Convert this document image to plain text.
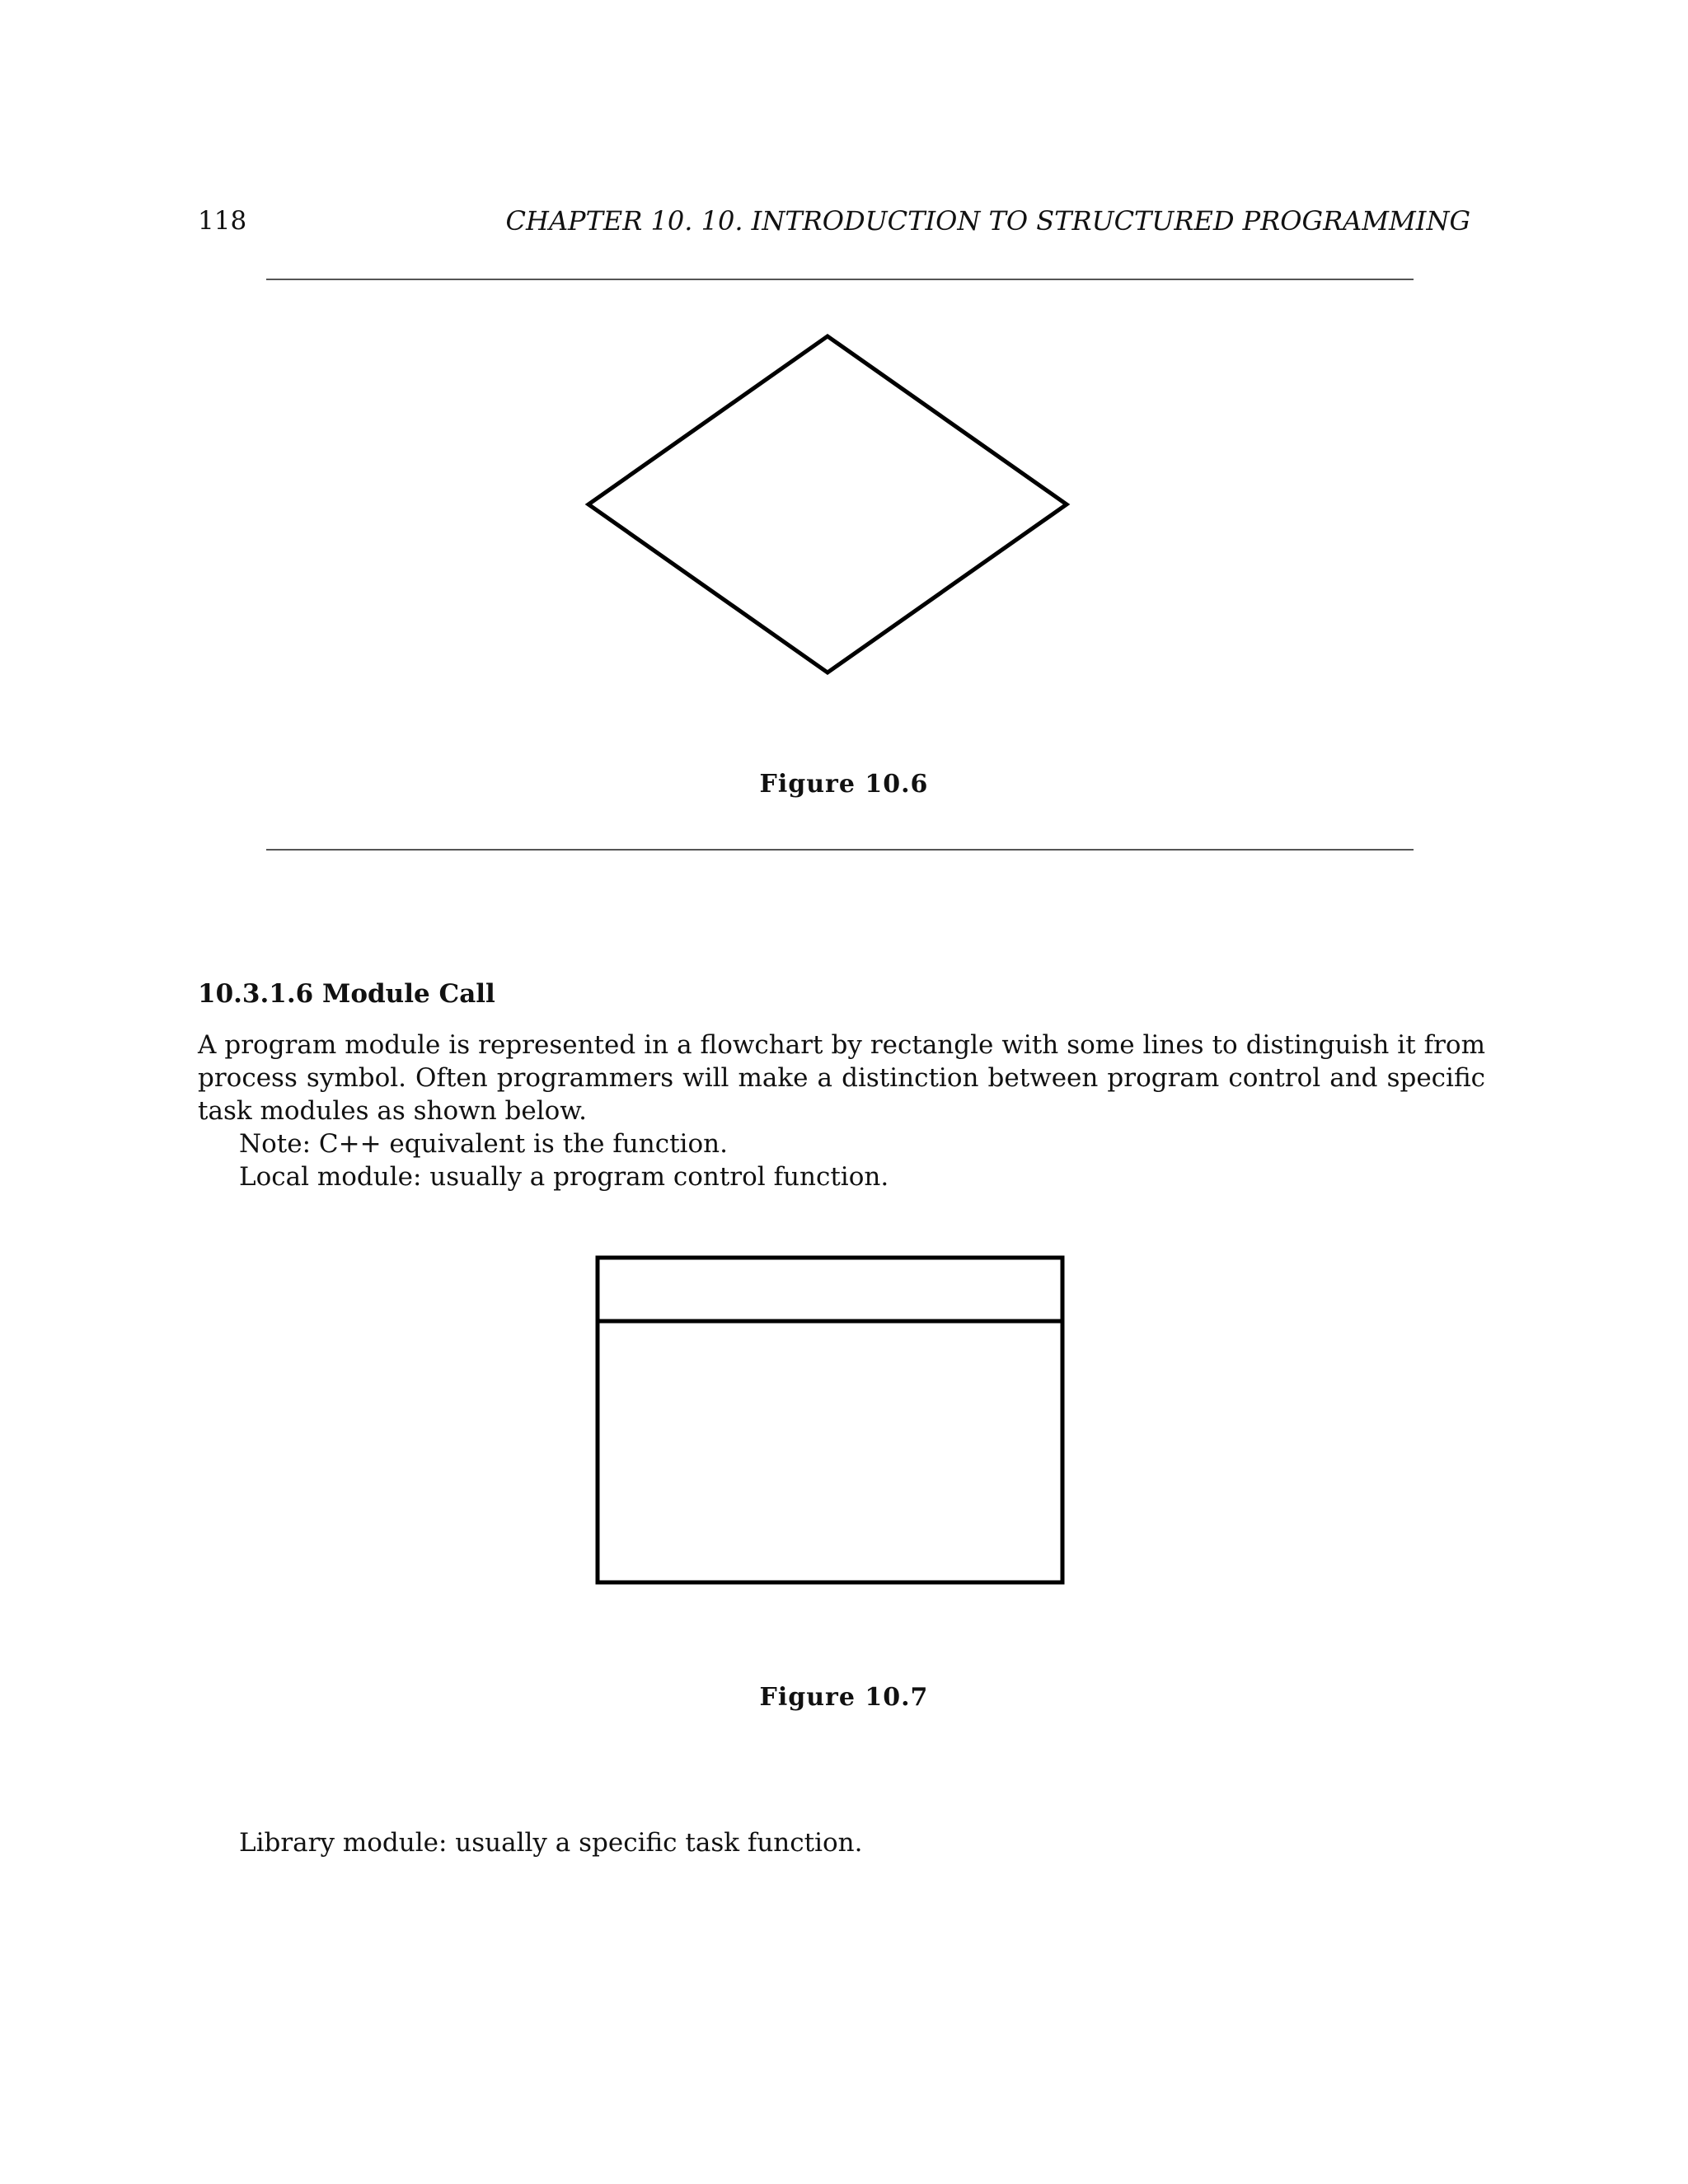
118	CHAPTER 10. 10. INTRODUCTION TO STRUCTURED PROGRAMMING
Figure 10.6
10.3.1.6 Module Call
A program module is represented in a flowchart by rectangle with some lines to distinguish it from process symbol. Often programmers will make a distinction between program control and specific task modules as shown below.
Note: C++ equivalent is the function.
Local module: usually a program control function.
Figure 10.7
Library module: usually a specific task function.
